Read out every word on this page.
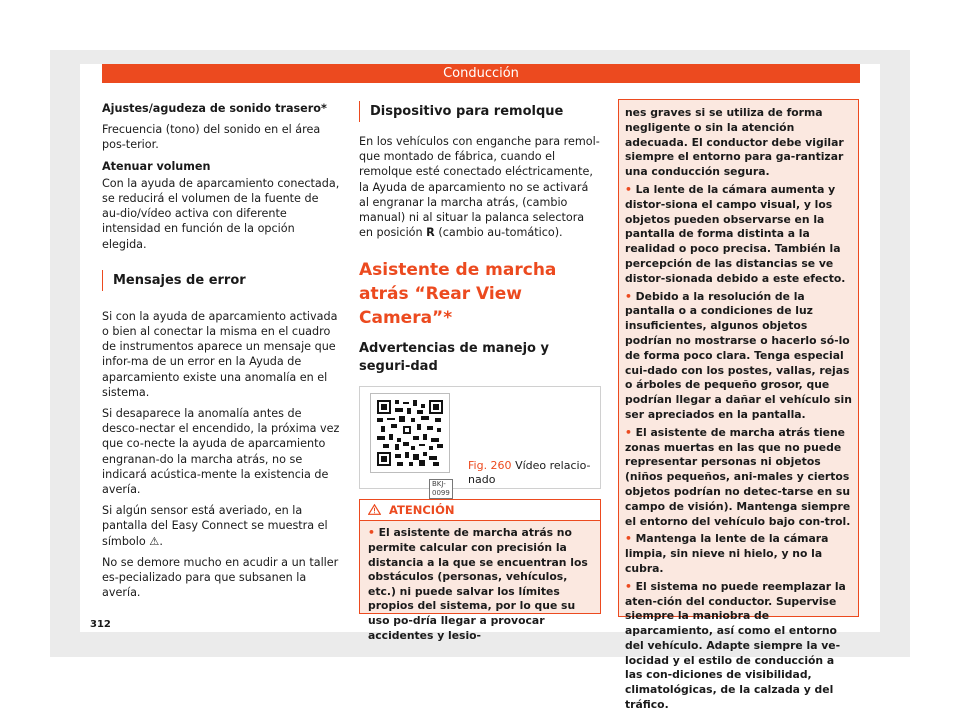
Conducción

Ajustes/agudeza de sonido trasero*

Frecuencia (tono) del sonido en el área pos-terior.

Atenuar volumen

Con la ayuda de aparcamiento conectada, se reducirá el volumen de la fuente de au-dio/vídeo activa con diferente intensidad en función de la opción elegida.

Mensajes de error

Si con la ayuda de aparcamiento activada o bien al conectar la misma en el cuadro de instrumentos aparece un mensaje que infor-ma de un error en la Ayuda de aparcamiento existe una anomalía en el sistema.

Si desaparece la anomalía antes de desco-nectar el encendido, la próxima vez que co-necte la ayuda de aparcamiento engranan-do la marcha atrás, no se indicará acústica-mente la existencia de avería.

Si algún sensor está averiado, en la pantalla del Easy Connect se muestra el símbolo ⚠.

No se demore mucho en acudir a un taller es-pecializado para que subsanen la avería.

Dispositivo para remolque

En los vehículos con enganche para remol-que montado de fábrica, cuando el remolque esté conectado eléctricamente, la Ayuda de aparcamiento no se activará al engranar la marcha atrás, (cambio manual) ni al situar la palanca selectora en posición R (cambio au-tomático).

Asistente de marcha atrás “Rear View Camera”*
Advertencias de manejo y seguri-dad
BKJ-0099
Fig. 260 Vídeo relacio-nado
ATENCIÓN
• El asistente de marcha atrás no permite calcular con precisión la distancia a la que se encuentran los obstáculos (personas, vehículos, etc.) ni puede salvar los límites propios del sistema, por lo que su uso po-dría llegar a provocar accidentes y lesio-

nes graves si se utiliza de forma negligente o sin la atención adecuada. El conductor debe vigilar siempre el entorno para ga-rantizar una conducción segura.

• La lente de la cámara aumenta y distor-siona el campo visual, y los objetos pueden observarse en la pantalla de forma distinta a la realidad o poco precisa. También la percepción de las distancias se ve distor-sionada debido a este efecto.

• Debido a la resolución de la pantalla o a condiciones de luz insuficientes, algunos objetos podrían no mostrarse o hacerlo só-lo de forma poco clara. Tenga especial cui-dado con los postes, vallas, rejas o árboles de pequeño grosor, que podrían llegar a dañar el vehículo sin ser apreciados en la pantalla.

• El asistente de marcha atrás tiene zonas muertas en las que no puede representar personas ni objetos (niños pequeños, ani-males y ciertos objetos podrían no detec-tarse en su campo de visión). Mantenga siempre el entorno del vehículo bajo con-trol.

• Mantenga la lente de la cámara limpia, sin nieve ni hielo, y no la cubra.

• El sistema no puede reemplazar la aten-ción del conductor. Supervise siempre la maniobra de aparcamiento, así como el entorno del vehículo. Adapte siempre la ve-locidad y el estilo de conducción a las con-diciones de visibilidad, climatológicas, de la calzada y del tráfico.

312
